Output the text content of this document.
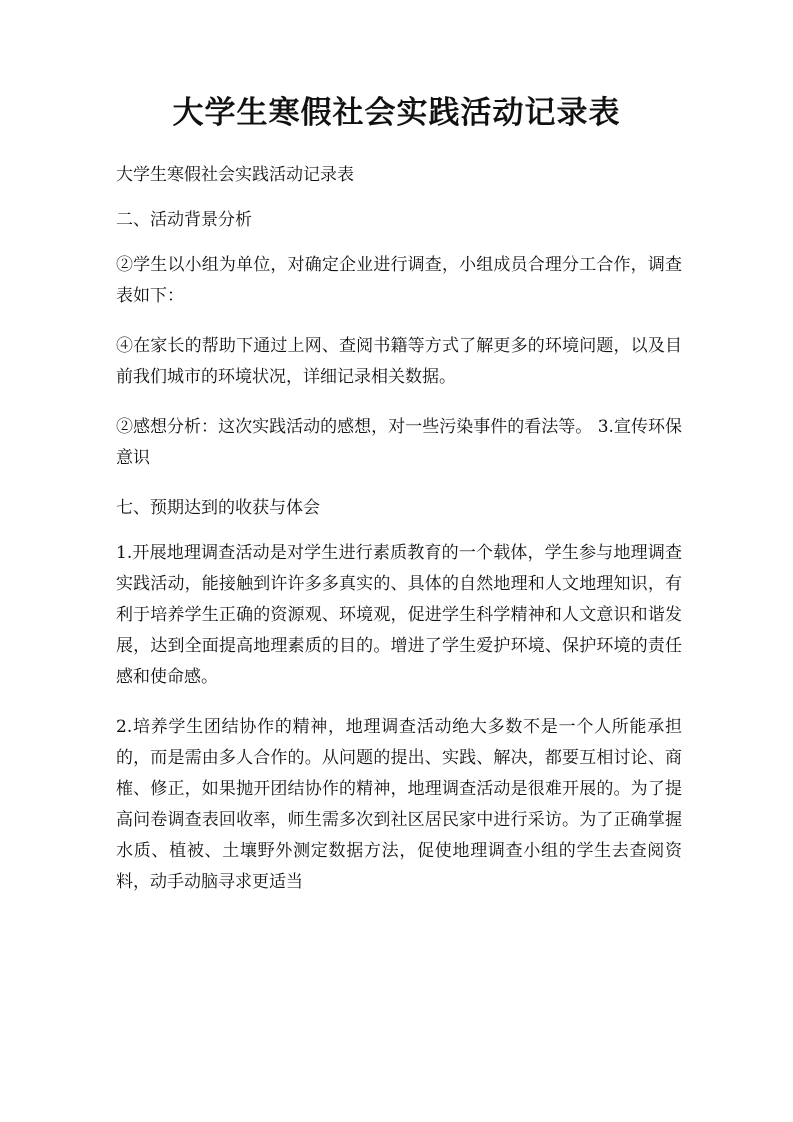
大学生寒假社会实践活动记录表

大学生寒假社会实践活动记录表

二、活动背景分析

②学生以小组为单位，对确定企业进行调查，小组成员合理分工合作，调查表如下：

④在家长的帮助下通过上网、查阅书籍等方式了解更多的环境问题，以及目前我们城市的环境状况，详细记录相关数据。

②感想分析：这次实践活动的感想，对一些污染事件的看法等。 3.宣传环保意识

七、预期达到的收获与体会

1.开展地理调查活动是对学生进行素质教育的一个载体，学生参与地理调查实践活动，能接触到许许多多真实的、具体的自然地理和人文地理知识，有利于培养学生正确的资源观、环境观，促进学生科学精神和人文意识和谐发展，达到全面提高地理素质的目的。增进了学生爱护环境、保护环境的责任感和使命感。

2.培养学生团结协作的精神，地理调查活动绝大多数不是一个人所能承担的，而是需由多人合作的。从问题的提出、实践、解决，都要互相讨论、商榷、修正，如果抛开团结协作的精神，地理调查活动是很难开展的。为了提高问卷调查表回收率，师生需多次到社区居民家中进行采访。为了正确掌握水质、植被、土壤野外测定数据方法，促使地理调查小组的学生去查阅资料，动手动脑寻求更适当
